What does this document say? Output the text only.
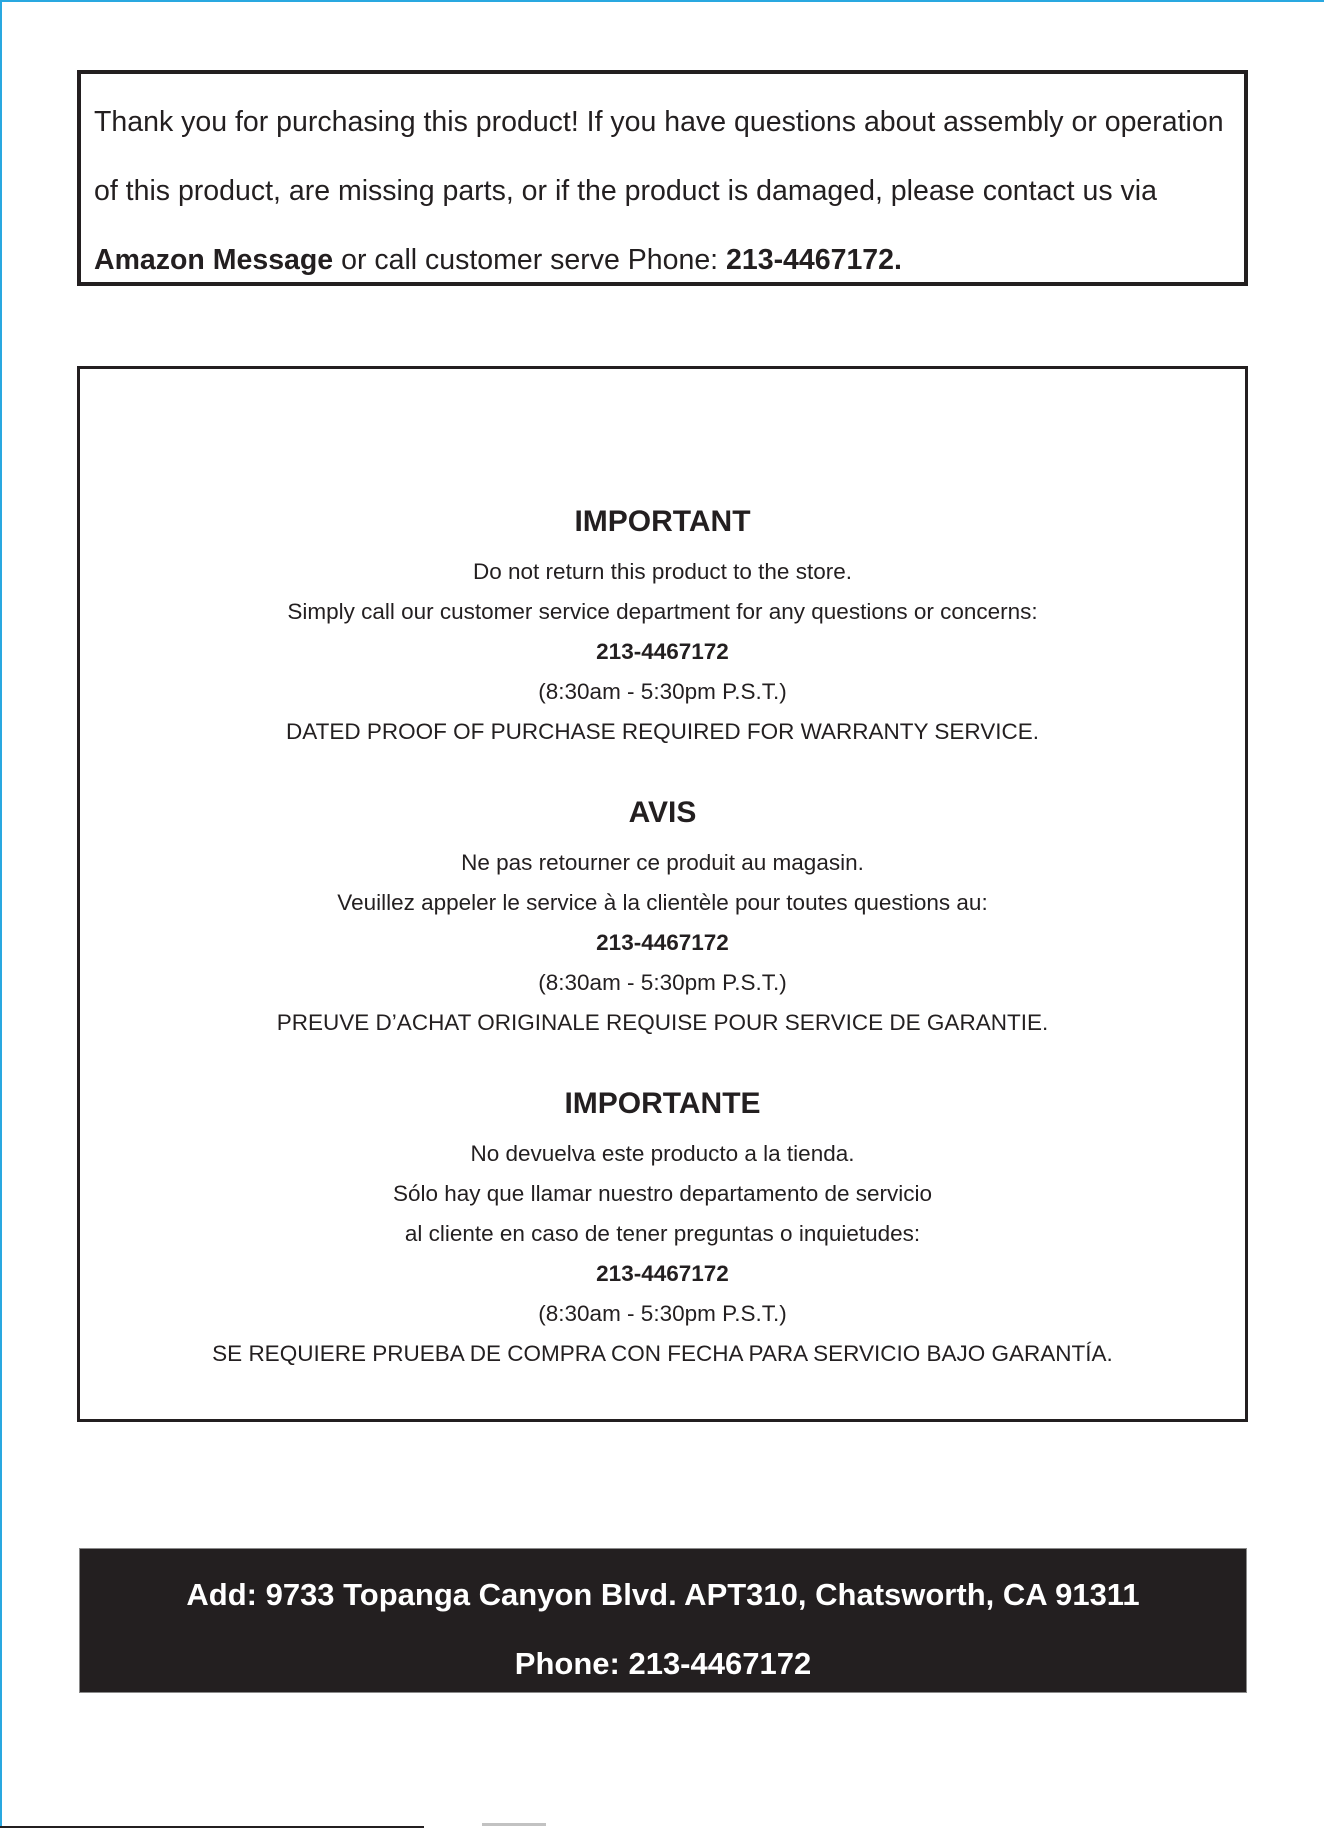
Thank you for purchasing this product! If you have questions about assembly or operation
of this product, are missing parts, or if the product is damaged, please contact us via
Amazon Message or call customer serve Phone: 213-4467172.
IMPORTANT
Do not return this product to the store.
Simply call our customer service department for any questions or concerns:
213-4467172
(8:30am - 5:30pm P.S.T.)
DATED PROOF OF PURCHASE REQUIRED FOR WARRANTY SERVICE.
AVIS
Ne pas retourner ce produit au magasin.
Veuillez appeler le service à la clientèle pour toutes questions au:
213-4467172
(8:30am - 5:30pm P.S.T.)
PREUVE D’ACHAT ORIGINALE REQUISE POUR SERVICE DE GARANTIE.
IMPORTANTE
No devuelva este producto a la tienda.
Sólo hay que llamar nuestro departamento de servicio
al cliente en caso de tener preguntas o inquietudes:
213-4467172
(8:30am - 5:30pm P.S.T.)
SE REQUIERE PRUEBA DE COMPRA CON FECHA PARA SERVICIO BAJO GARANTÍA.
Add: 9733 Topanga Canyon Blvd. APT310, Chatsworth, CA 91311
Phone: 213-4467172
